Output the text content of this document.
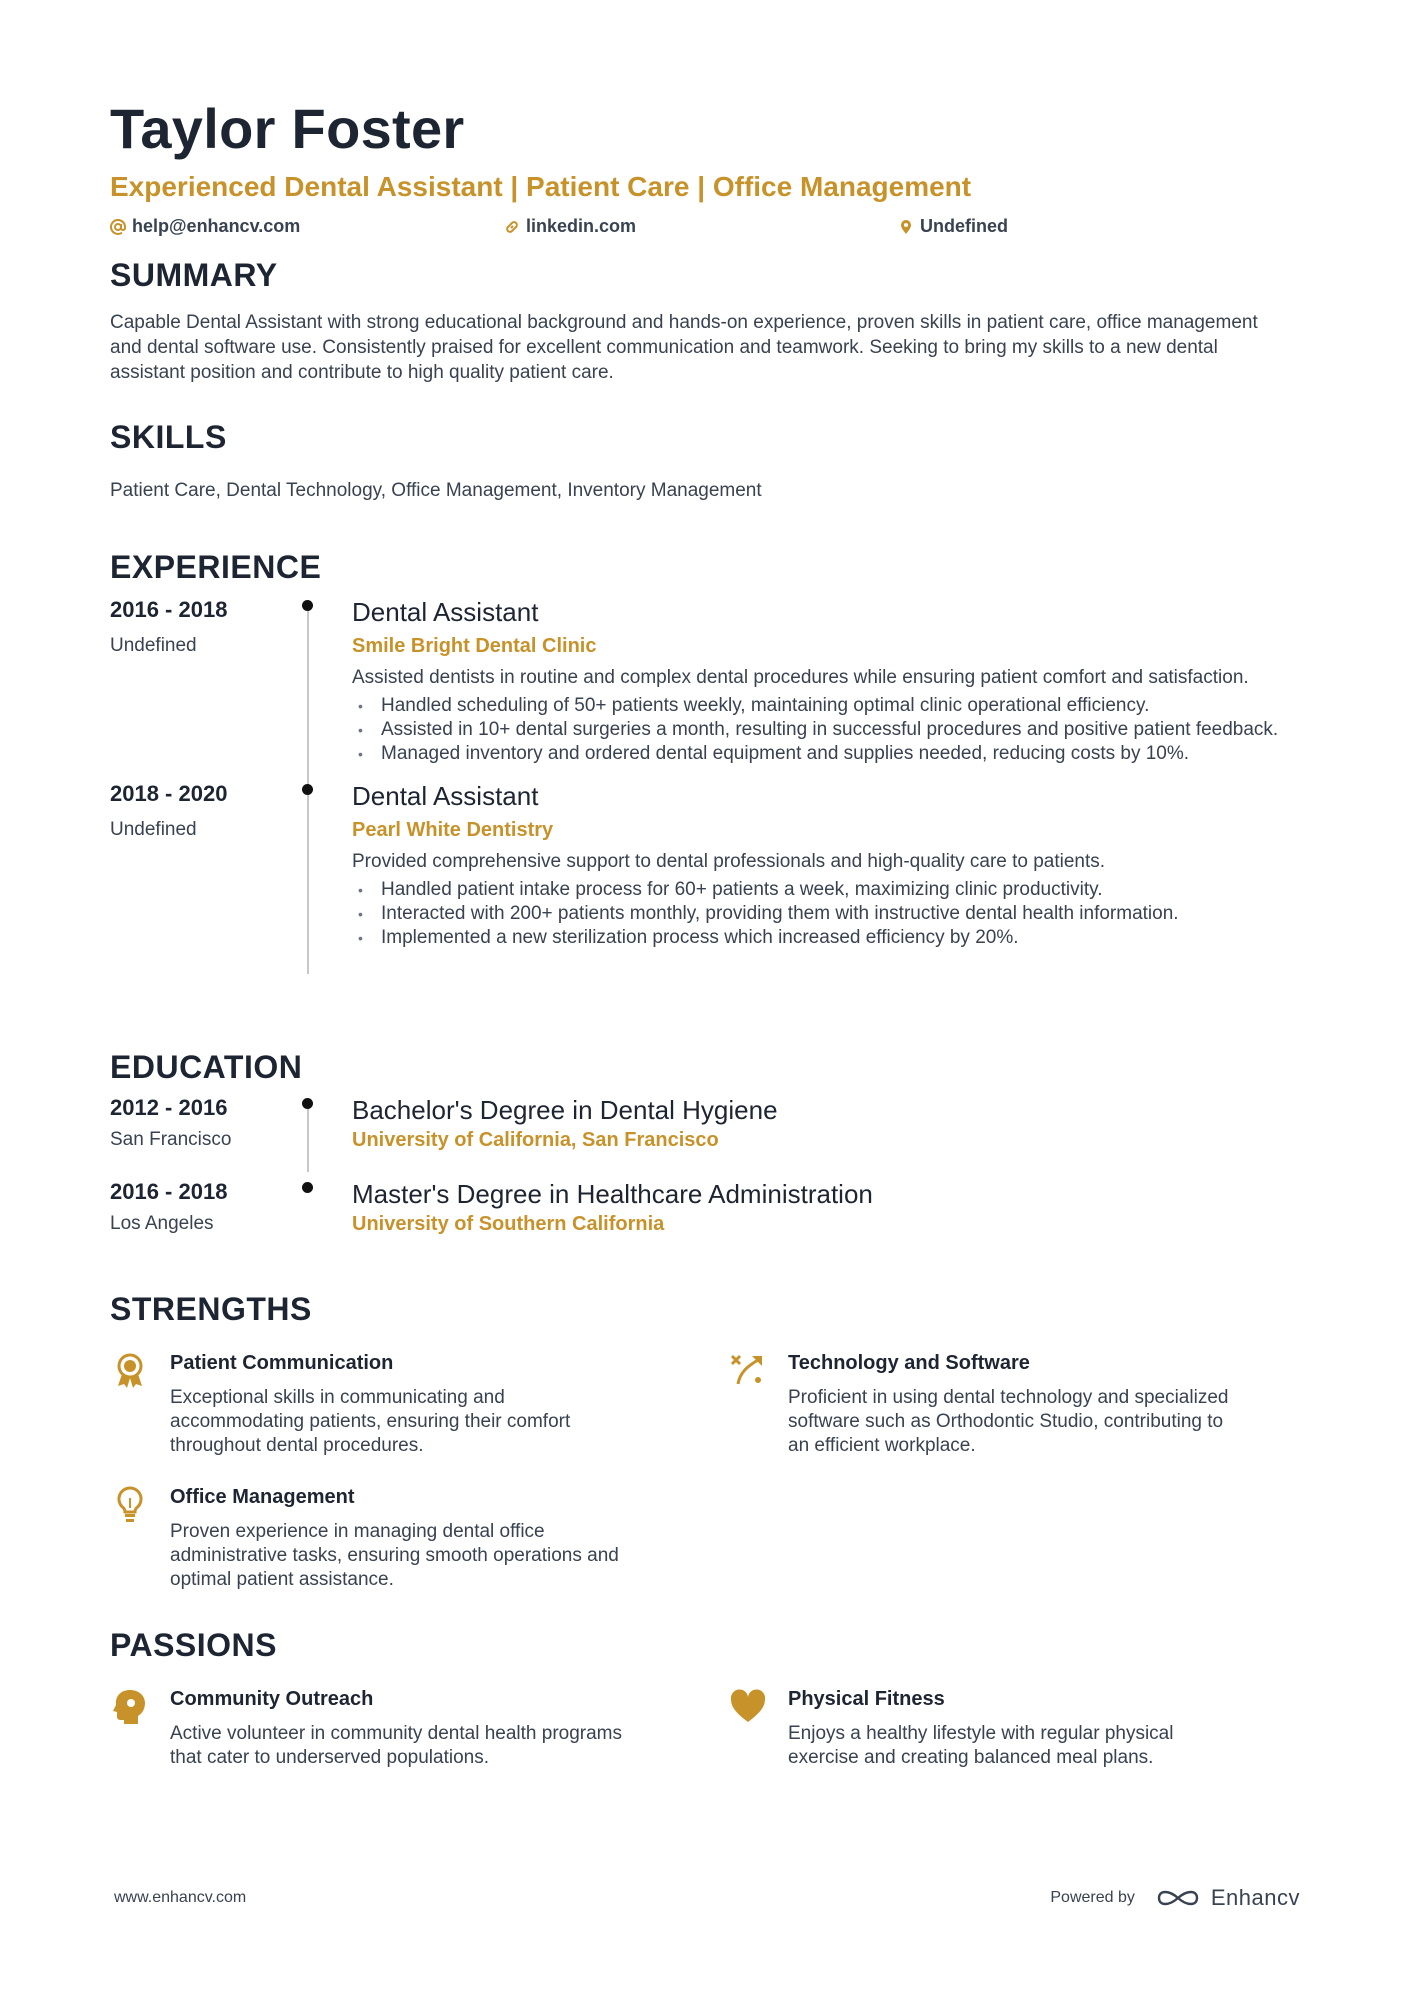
Taylor Foster
Experienced Dental Assistant | Patient Care | Office Management
help@enhancv.com	linkedin.com	Undefined
SUMMARY
Capable Dental Assistant with strong educational background and hands-on experience, proven skills in patient care, office management and dental software use. Consistently praised for excellent communication and teamwork. Seeking to bring my skills to a new dental assistant position and contribute to high quality patient care.
SKILLS
Patient Care, Dental Technology, Office Management, Inventory Management
EXPERIENCE
2016 - 2018
Undefined
Dental Assistant
Smile Bright Dental Clinic
Assisted dentists in routine and complex dental procedures while ensuring patient comfort and satisfaction.
• Handled scheduling of 50+ patients weekly, maintaining optimal clinic operational efficiency.
• Assisted in 10+ dental surgeries a month, resulting in successful procedures and positive patient feedback.
• Managed inventory and ordered dental equipment and supplies needed, reducing costs by 10%.
2018 - 2020
Undefined
Dental Assistant
Pearl White Dentistry
Provided comprehensive support to dental professionals and high-quality care to patients.
• Handled patient intake process for 60+ patients a week, maximizing clinic productivity.
• Interacted with 200+ patients monthly, providing them with instructive dental health information.
• Implemented a new sterilization process which increased efficiency by 20%.
EDUCATION
2012 - 2016
San Francisco
Bachelor's Degree in Dental Hygiene
University of California, San Francisco
2016 - 2018
Los Angeles
Master's Degree in Healthcare Administration
University of Southern California
STRENGTHS
Patient Communication
Exceptional skills in communicating and accommodating patients, ensuring their comfort throughout dental procedures.
Technology and Software
Proficient in using dental technology and specialized software such as Orthodontic Studio, contributing to an efficient workplace.
Office Management
Proven experience in managing dental office administrative tasks, ensuring smooth operations and optimal patient assistance.
PASSIONS
Community Outreach
Active volunteer in community dental health programs that cater to underserved populations.
Physical Fitness
Enjoys a healthy lifestyle with regular physical exercise and creating balanced meal plans.
www.enhancv.com	Powered by	Enhancv
